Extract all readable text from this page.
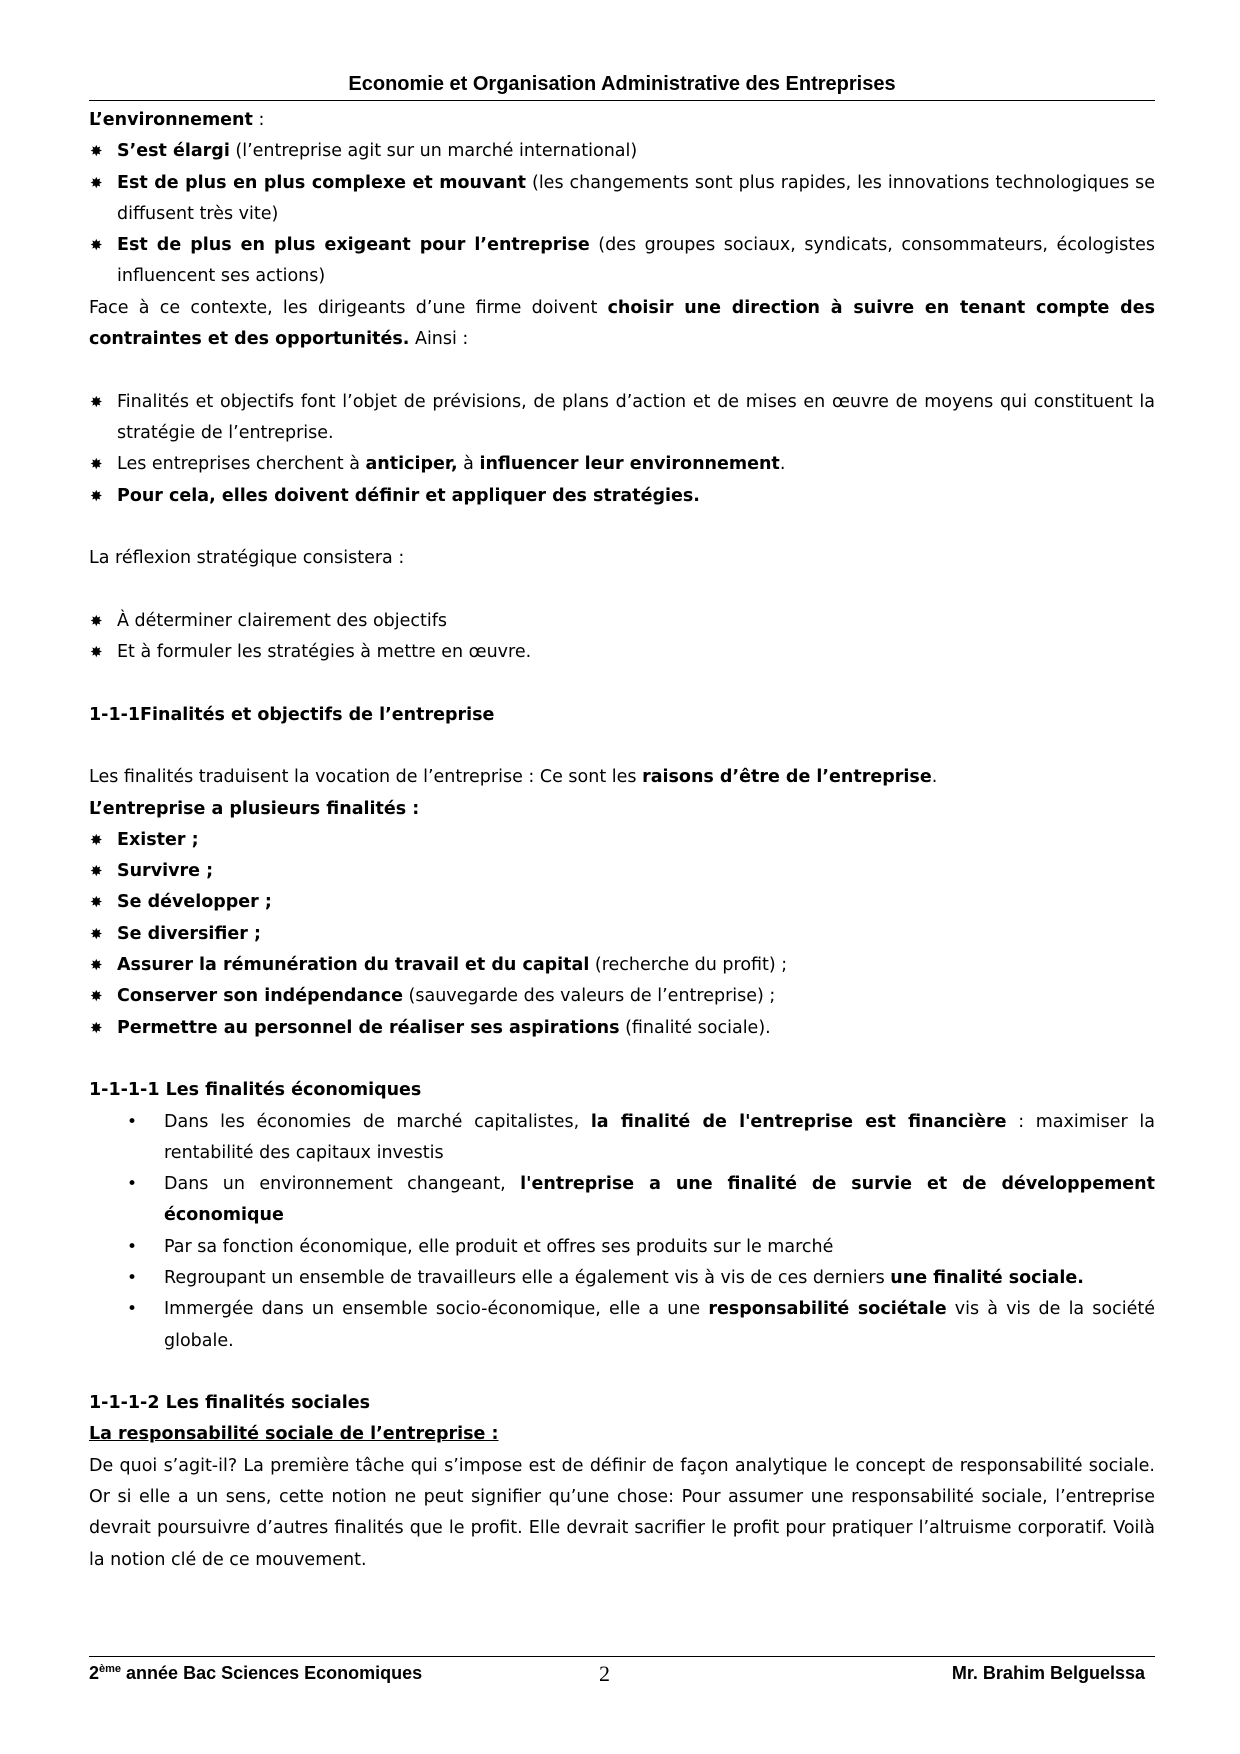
Economie et Organisation Administrative des Entreprises

L’environnement :

✸ S’est élargi (l’entreprise agit sur un marché international)
✸ Est de plus en plus complexe et mouvant (les changements sont plus rapides, les innovations technologiques se diffusent très vite)
✸ Est de plus en plus exigeant pour l’entreprise (des groupes sociaux, syndicats, consommateurs, écologistes influencent ses actions)

Face à ce contexte, les dirigeants d’une firme doivent choisir une direction à suivre en tenant compte des contraintes et des opportunités. Ainsi :

✸ Finalités et objectifs font l’objet de prévisions, de plans d’action et de mises en œuvre de moyens qui constituent la stratégie de l’entreprise.
✸ Les entreprises cherchent à anticiper, à influencer leur environnement.
✸ Pour cela, elles doivent définir et appliquer des stratégies.

La réflexion stratégique consistera :

✸ À déterminer clairement des objectifs
✸ Et à formuler les stratégies à mettre en œuvre.

1-1-1Finalités et objectifs de l’entreprise

Les finalités traduisent la vocation de l’entreprise : Ce sont les raisons d’être de l’entreprise.

L’entreprise a plusieurs finalités :

✸ Exister ;
✸ Survivre ;
✸ Se développer ;
✸ Se diversifier ;
✸ Assurer la rémunération du travail et du capital (recherche du profit) ;
✸ Conserver son indépendance (sauvegarde des valeurs de l’entreprise) ;
✸ Permettre au personnel de réaliser ses aspirations (finalité sociale).

1-1-1-1 Les finalités économiques

• Dans les économies de marché capitalistes, la finalité de l'entreprise est financière : maximiser la rentabilité des capitaux investis
• Dans un environnement changeant, l'entreprise a une finalité de survie et de développement économique
• Par sa fonction économique, elle produit et offres ses produits sur le marché
• Regroupant un ensemble de travailleurs elle a également vis à vis de ces derniers une finalité sociale.
• Immergée dans un ensemble socio-économique, elle a une responsabilité sociétale vis à vis de la société globale.

1-1-1-2 Les finalités sociales

La responsabilité sociale de l’entreprise :

De quoi s’agit-il? La première tâche qui s’impose est de définir de façon analytique le concept de responsabilité sociale. Or si elle a un sens, cette notion ne peut signifier qu’une chose: Pour assumer une responsabilité sociale, l’entreprise devrait poursuivre d’autres finalités que le profit. Elle devrait sacrifier le profit pour pratiquer l’altruisme corporatif. Voilà la notion clé de ce mouvement.

2ème année Bac Sciences Economiques	2	Mr. Brahim Belguelssa
